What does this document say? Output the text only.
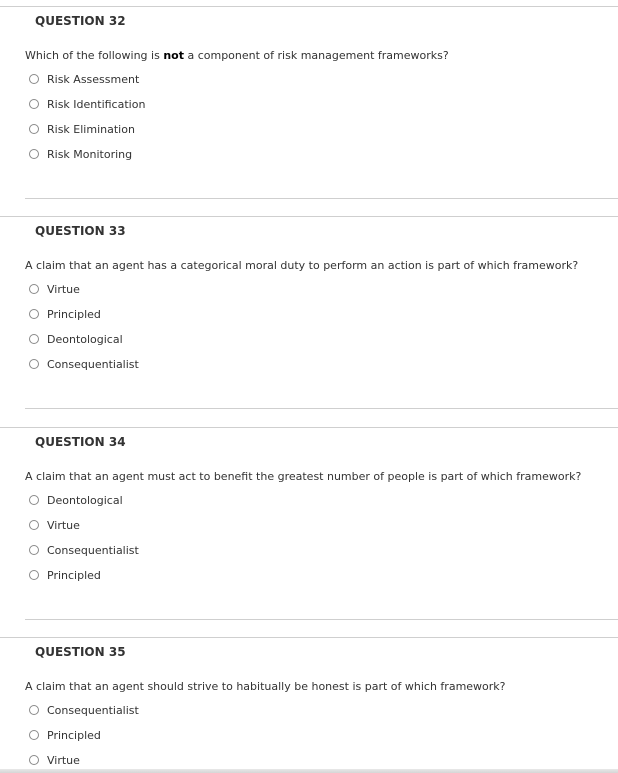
QUESTION 32
Which of the following is not a component of risk management frameworks?
Risk Assessment
Risk Identification
Risk Elimination
Risk Monitoring
QUESTION 33
A claim that an agent has a categorical moral duty to perform an action is part of which framework?
Virtue
Principled
Deontological
Consequentialist
QUESTION 34
A claim that an agent must act to benefit the greatest number of people is part of which framework?
Deontological
Virtue
Consequentialist
Principled
QUESTION 35
A claim that an agent should strive to habitually be honest is part of which framework?
Consequentialist
Principled
Virtue
